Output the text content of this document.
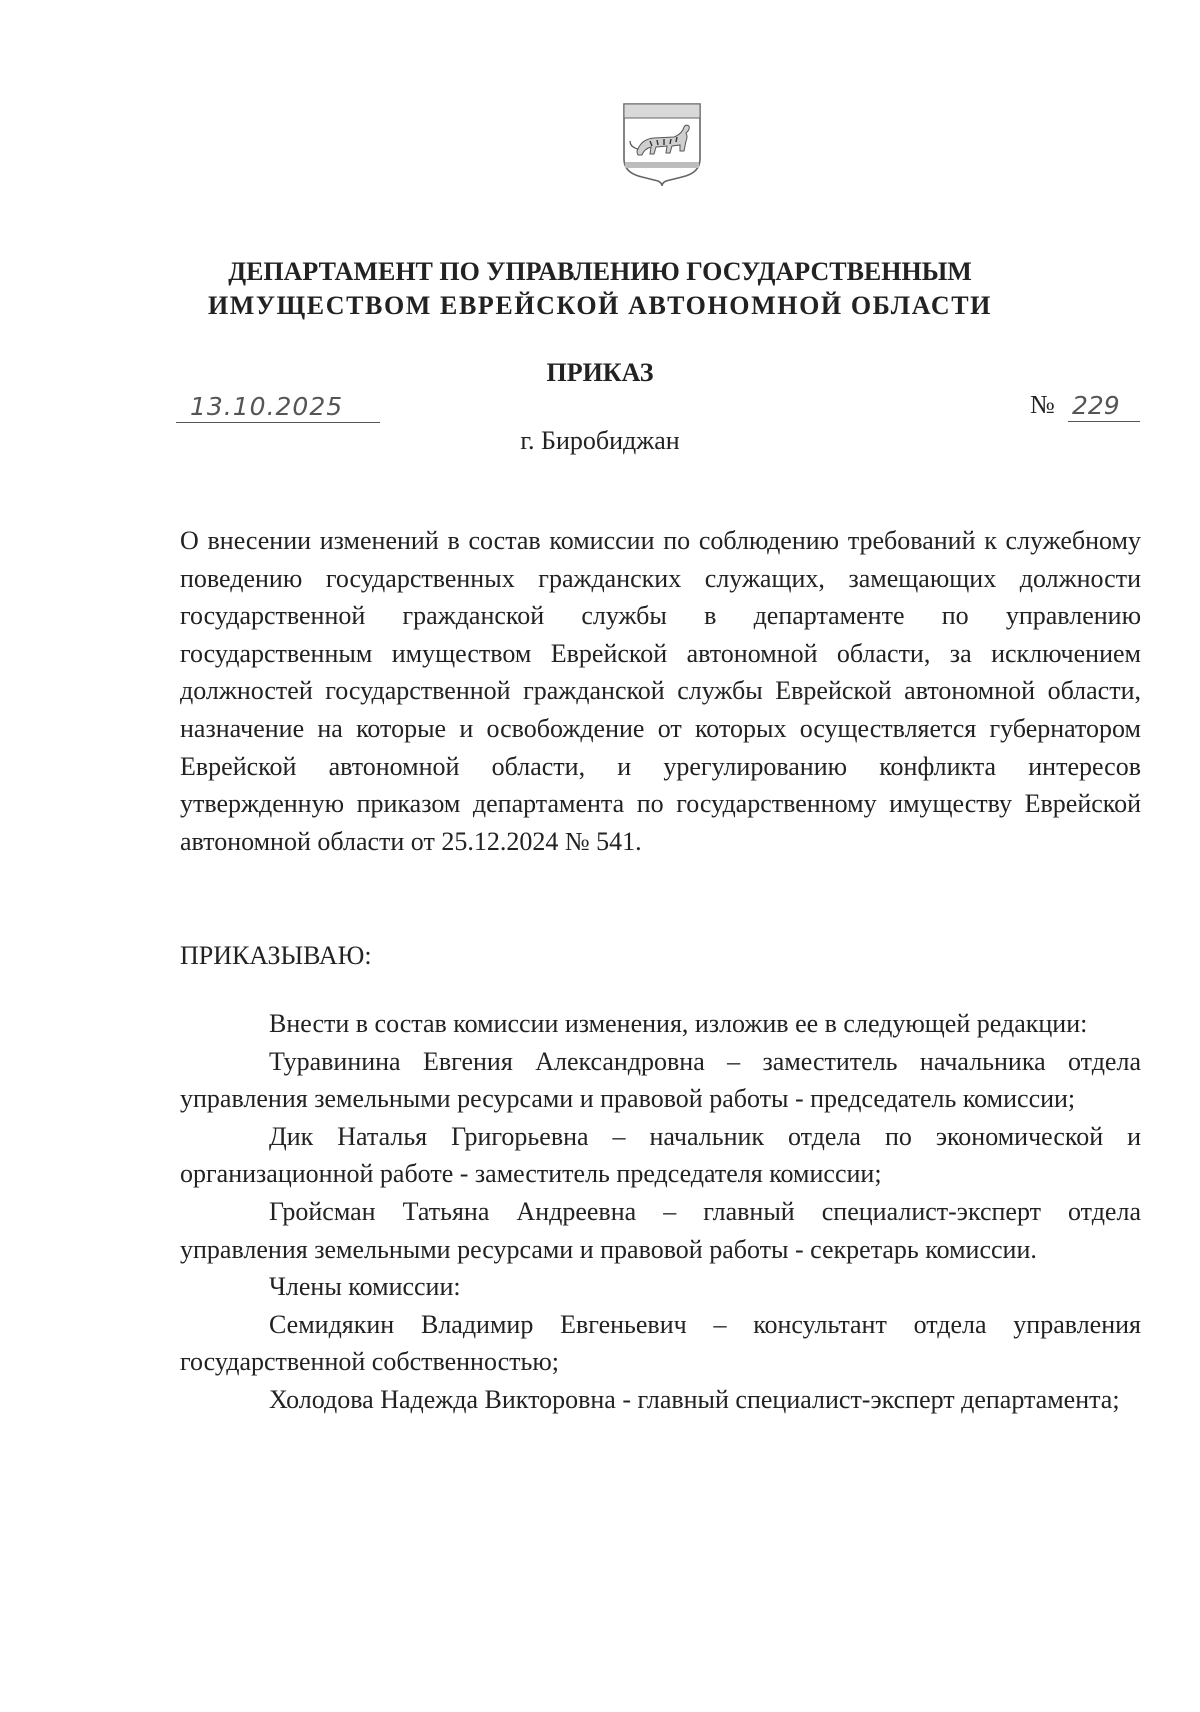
ДЕПАРТАМЕНТ ПО УПРАВЛЕНИЮ ГОСУДАРСТВЕННЫМ
ИМУЩЕСТВОМ ЕВРЕЙСКОЙ АВТОНОМНОЙ ОБЛАСТИ
ПРИКАЗ
13.10.2025	№ 229
г. Биробиджан
О внесении изменений в состав комиссии по соблюдению требований к служебному поведению государственных гражданских служащих, замещающих должности государственной гражданской службы в департаменте по управлению государственным имуществом Еврейской автономной области, за исключением должностей государственной гражданской службы Еврейской автономной области, назначение на которые и освобождение от которых осуществляется губернатором Еврейской автономной области, и урегулированию конфликта интересов утвержденную приказом департамента по государственному имуществу Еврейской автономной области от 25.12.2024 № 541.
ПРИКАЗЫВАЮ:

Внести в состав комиссии изменения, изложив ее в следующей редакции:

Туравинина Евгения Александровна – заместитель начальника отдела управления земельными ресурсами и правовой работы - председатель комиссии;

Дик Наталья Григорьевна – начальник отдела по экономической и организационной работе - заместитель председателя комиссии;

Гройсман Татьяна Андреевна – главный специалист-эксперт отдела управления земельными ресурсами и правовой работы - секретарь комиссии.

Члены комиссии:

Семидякин Владимир Евгеньевич – консультант отдела управления государственной собственностью;

Холодова Надежда Викторовна - главный специалист-эксперт департамента;
